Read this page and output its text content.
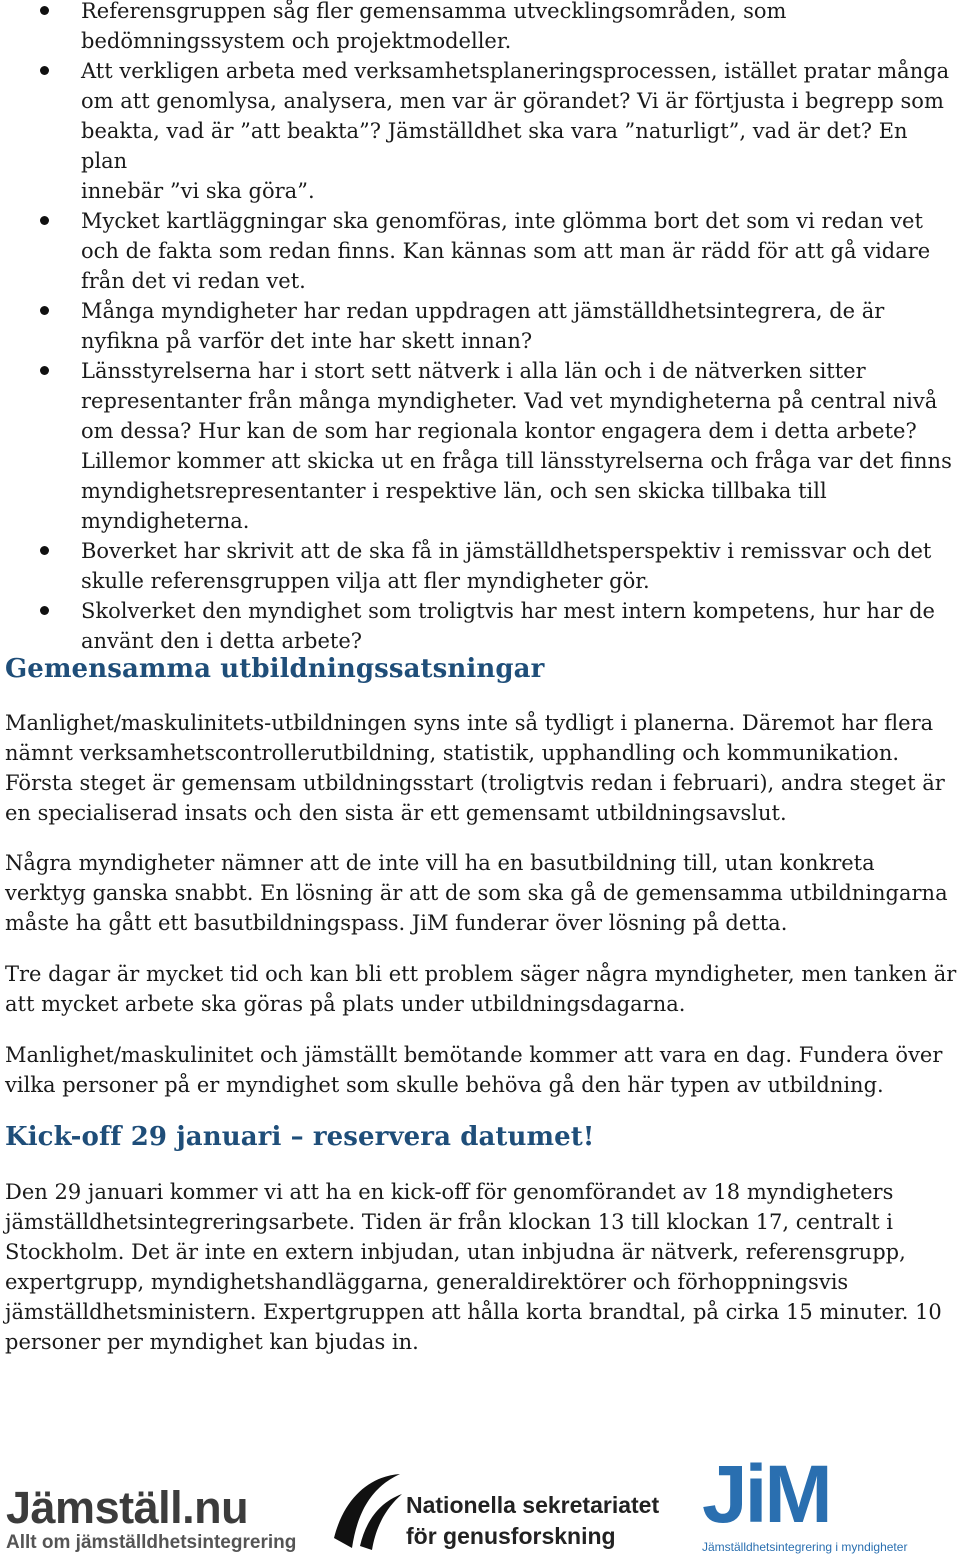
Referensgruppen såg fler gemensamma utvecklingsområden, som
bedömningssystem och projektmodeller.
Att verkligen arbeta med verksamhetsplaneringsprocessen, istället pratar många
om att genomlysa, analysera, men var är görandet? Vi är förtjusta i begrepp som
beakta, vad är ”att beakta”? Jämställdhet ska vara ”naturligt”, vad är det? En plan
innebär ”vi ska göra”.
Mycket kartläggningar ska genomföras, inte glömma bort det som vi redan vet
och de fakta som redan finns. Kan kännas som att man är rädd för att gå vidare
från det vi redan vet.
Många myndigheter har redan uppdragen att jämställdhetsintegrera, de är
nyfikna på varför det inte har skett innan?
Länsstyrelserna har i stort sett nätverk i alla län och i de nätverken sitter
representanter från många myndigheter. Vad vet myndigheterna på central nivå
om dessa? Hur kan de som har regionala kontor engagera dem i detta arbete?
Lillemor kommer att skicka ut en fråga till länsstyrelserna och fråga var det finns
myndighetsrepresentanter i respektive län, och sen skicka tillbaka till
myndigheterna.
Boverket har skrivit att de ska få in jämställdhetsperspektiv i remissvar och det
skulle referensgruppen vilja att fler myndigheter gör.
Skolverket den myndighet som troligtvis har mest intern kompetens, hur har de
använt den i detta arbete?
Gemensamma utbildningssatsningar

Manlighet/maskulinitets-utbildningen syns inte så tydligt i planerna. Däremot har flera
nämnt verksamhetscontrollerutbildning, statistik, upphandling och kommunikation.
Första steget är gemensam utbildningsstart (troligtvis redan i februari), andra steget är
en specialiserad insats och den sista är ett gemensamt utbildningsavslut.

Några myndigheter nämner att de inte vill ha en basutbildning till, utan konkreta
verktyg ganska snabbt. En lösning är att de som ska gå de gemensamma utbildningarna
måste ha gått ett basutbildningspass. JiM funderar över lösning på detta.

Tre dagar är mycket tid och kan bli ett problem säger några myndigheter, men tanken är
att mycket arbete ska göras på plats under utbildningsdagarna.

Manlighet/maskulinitet och jämställt bemötande kommer att vara en dag. Fundera över
vilka personer på er myndighet som skulle behöva gå den här typen av utbildning.

Kick-off 29 januari – reservera datumet!

Den 29 januari kommer vi att ha en kick-off för genomförandet av 18 myndigheters
jämställdhetsintegreringsarbete. Tiden är från klockan 13 till klockan 17, centralt i
Stockholm. Det är inte en extern inbjudan, utan inbjudna är nätverk, referensgrupp,
expertgrupp, myndighetshandläggarna, generaldirektörer och förhoppningsvis
jämställdhetsministern. Expertgruppen att hålla korta brandtal, på cirka 15 minuter. 10
personer per myndighet kan bjudas in.

Jämställ.nu
Allt om jämställdhetsintegrering
Nationella sekretariatet
för genusforskning JiM
Jämställdhetsintegrering i myndigheter
